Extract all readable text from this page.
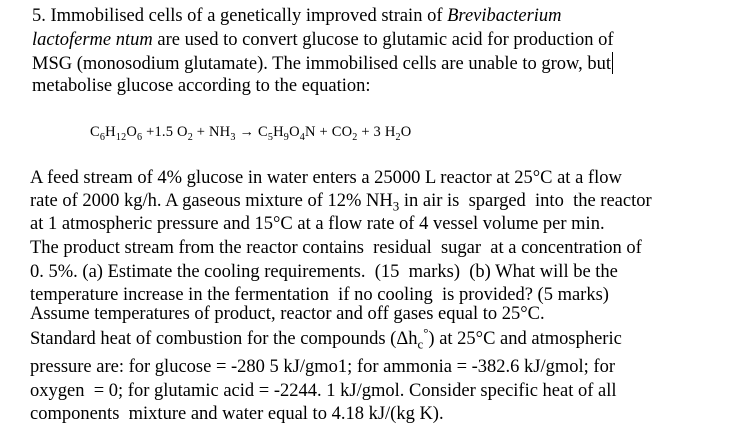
5. Immobilised cells of a genetically improved strain of Brevibacterium
lactoferme ntum are used to convert glucose to glutamic acid for production of
MSG (monosodium glutamate). The immobilised cells are unable to grow, but
metabolise glucose according to the equation:
$C_6H_{12}O_6 +1.5$ $O_2 + NH_3 \to C_5H_9O_4N + CO_2 + 3$ $H_2O$
A feed stream of 4% glucose in water enters a 25000 L reactor at 25°C at a flow
rate of 2000 kg/h. A gaseous mixture of 12% $NH_3$ in air is  sparged  into  the reactor
at 1 atmospheric pressure and 15°C at a flow rate of 4 vessel volume per min.
The product stream from the reactor contains  residual  sugar  at a concentration of
0. 5%. (a) Estimate the cooling requirements.  (15  marks)  (b) What will be the
temperature increase in the fermentation  if no cooling  is provided? (5 marks)
Assume temperatures of product, reactor and off gases equal to 25°C.
Standard heat of combustion for the compounds $(\Delta h_c^\circ)$ at 25°C and atmospheric
pressure are: for glucose = -280 5 kJ/gmo1; for ammonia = -382.6 kJ/gmol; for
oxygen  = 0; for glutamic acid = -2244. 1 kJ/gmol. Consider specific heat of all
components  mixture and water equal to 4.18 kJ/(kg K).
